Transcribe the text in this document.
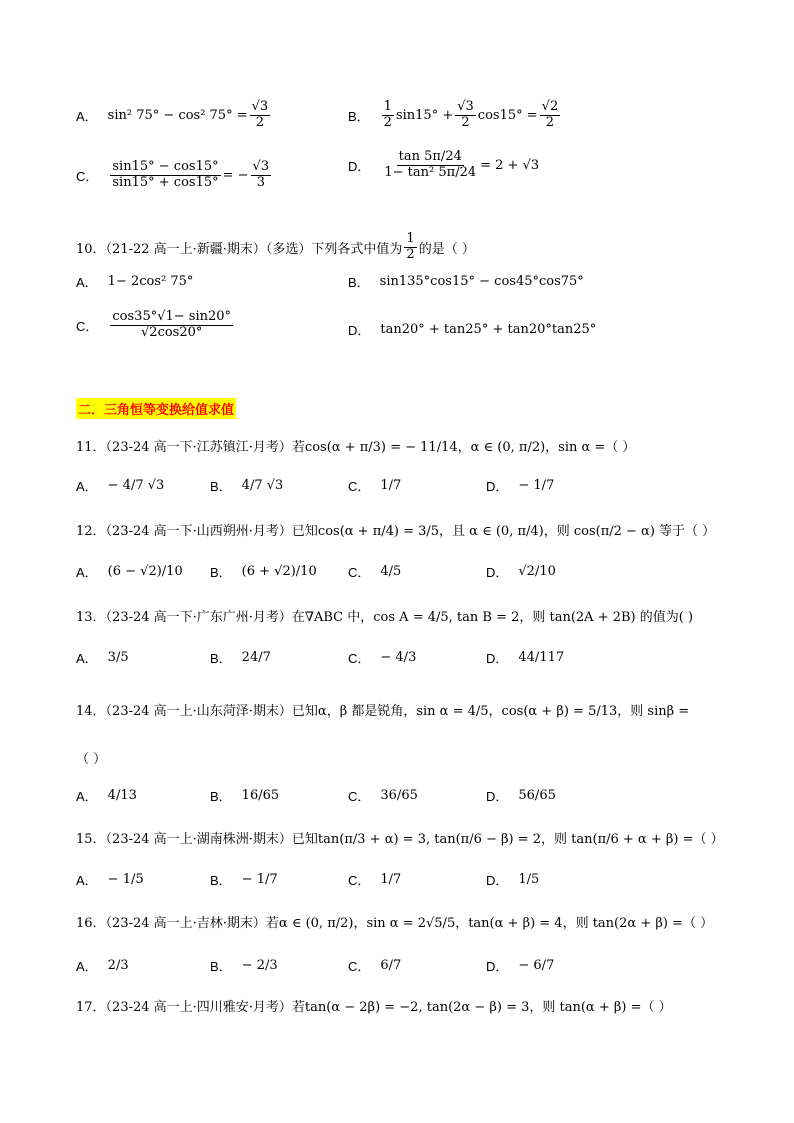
A． sin² 75° − cos² $75^\circ = \frac{√3}{2}$	B． $\frac{1}{2} \sin 15^\circ + \frac{√3}{2} \cos 15^\circ = \frac{√2}{2}$
C． $\frac{\sin 15^\circ - \cos 15^\circ}{\sin 15^\circ + \cos 15^\circ}$ = − $\frac{√3}{3}$	D． $\frac{\tan 5\pi/24}{\text{1− tan² 5π/24}} = 2 + √3$
10．（21-22 高一上·新疆·期末）（多选）下列各式中值为 $\frac{1}{2}$ 的是（ ）
A． 1− 2cos² 75°	B． sin135°cos15° − cos45°cos75°
C． $\frac{\cos 35^\circ√1- \sin 20^\circ}{√2\cos 20^\circ}$	D． tan20° + tan25° + tan20°tan25°
二．三角恒等变换给值求值
11．（23-24 高一下·江苏镇江·月考）若 cos(α + π/3) = − 11/14，α ∈ (0, π/2)，sin α =（ ）
A． − 4/7 √3	B． 4/7 √3	C． 1/7	D． − 1/7
12．（23-24 高一下·山西朔州·月考）已知 cos(α + π/4) = 3/5，且 α ∈ (0, π/4)，则 cos(π/2 − α) 等于（ ）
A． (6 − √2)/10 B． (6 + √2)/10 C． 4/5	D． √2/10
13．（23-24 高一下·广东广州·月考）在 ∇ABC 中，cos A = 4/5, tan B = 2，则 tan(2A + 2B) 的值为( )
A． 3/5	B． 24/7	C． − 4/3	D． 44/117
14．（23-24 高一上·山东菏泽·期末）已知 α，β 都是锐角，sin α = 4/5，cos(α + β) = 5/13，则 sinβ =
（ ）
A． 4/13	B． 16/65	C． 36/65	D． 56/65
15．（23-24 高一上·湖南株洲·期末）已知 tan(π/3 + α) = 3, tan(π/6 − β) = 2，则 tan(π/6 + α + β) =（ ）
A． − 1/5	B． − 1/7	C． 1/7	D． 1/5
16．（23-24 高一上·吉林·期末）若 α ∈ (0, π/2)，sin α = 2√5/5，tan(α + β) = 4，则 tan(2α + β) =（ ）
A． 2/3	B． − 2/3	C． 6/7	D． − 6/7
17．（23-24 高一上·四川雅安·月考）若 tan(α − 2β) = −2, tan(2α − β) = 3，则 tan(α + β) =（ ）
